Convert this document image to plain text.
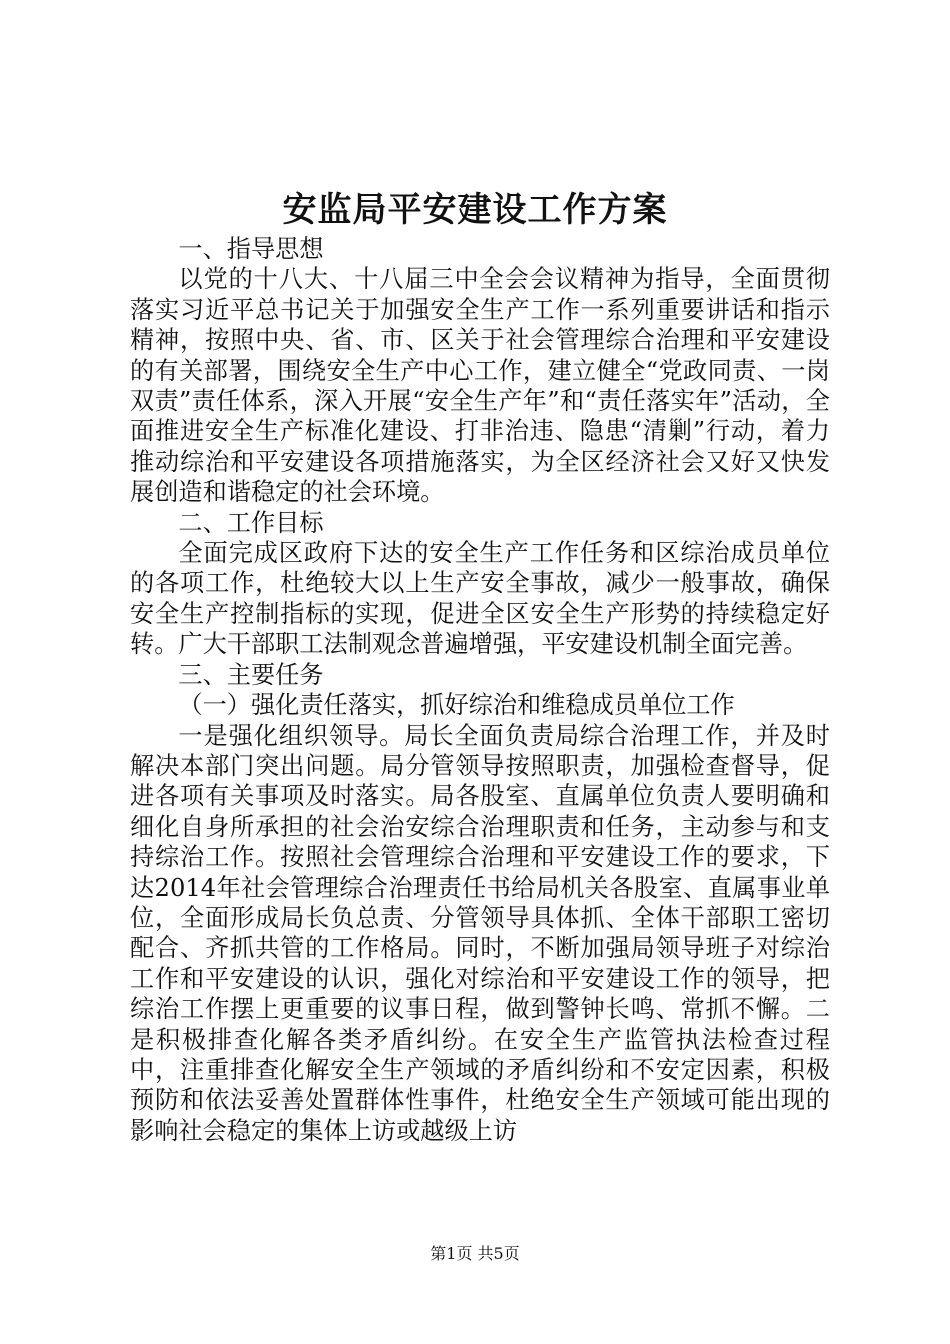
安监局平安建设工作方案

一、指导思想

以党的十八大、十八届三中全会会议精神为指导，全面贯彻落实习近平总书记关于加强安全生产工作一系列重要讲话和指示精神，按照中央、省、市、区关于社会管理综合治理和平安建设的有关部署，围绕安全生产中心工作，建立健全“党政同责、一岗双责”责任体系，深入开展“安全生产年”和“责任落实年”活动，全面推进安全生产标准化建设、打非治违、隐患“清剿”行动，着力推动综治和平安建设各项措施落实，为全区经济社会又好又快发展创造和谐稳定的社会环境。

二、工作目标

全面完成区政府下达的安全生产工作任务和区综治成员单位的各项工作，杜绝较大以上生产安全事故，减少一般事故，确保安全生产控制指标的实现，促进全区安全生产形势的持续稳定好转。广大干部职工法制观念普遍增强，平安建设机制全面完善。

三、主要任务

（一）强化责任落实，抓好综治和维稳成员单位工作

一是强化组织领导。局长全面负责局综合治理工作，并及时解决本部门突出问题。局分管领导按照职责，加强检查督导，促进各项有关事项及时落实。局各股室、直属单位负责人要明确和细化自身所承担的社会治安综合治理职责和任务，主动参与和支持综治工作。按照社会管理综合治理和平安建设工作的要求，下达2014年社会管理综合治理责任书给局机关各股室、直属事业单位，全面形成局长负总责、分管领导具体抓、全体干部职工密切配合、齐抓共管的工作格局。同时，不断加强局领导班子对综治工作和平安建设的认识，强化对综治和平安建设工作的领导，把综治工作摆上更重要的议事日程，做到警钟长鸣、常抓不懈。二是积极排查化解各类矛盾纠纷。在安全生产监管执法检查过程中，注重排查化解安全生产领域的矛盾纠纷和不安定因素，积极预防和依法妥善处置群体性事件，杜绝安全生产领域可能出现的影响社会稳定的集体上访或越级上访

第1页 共5页
